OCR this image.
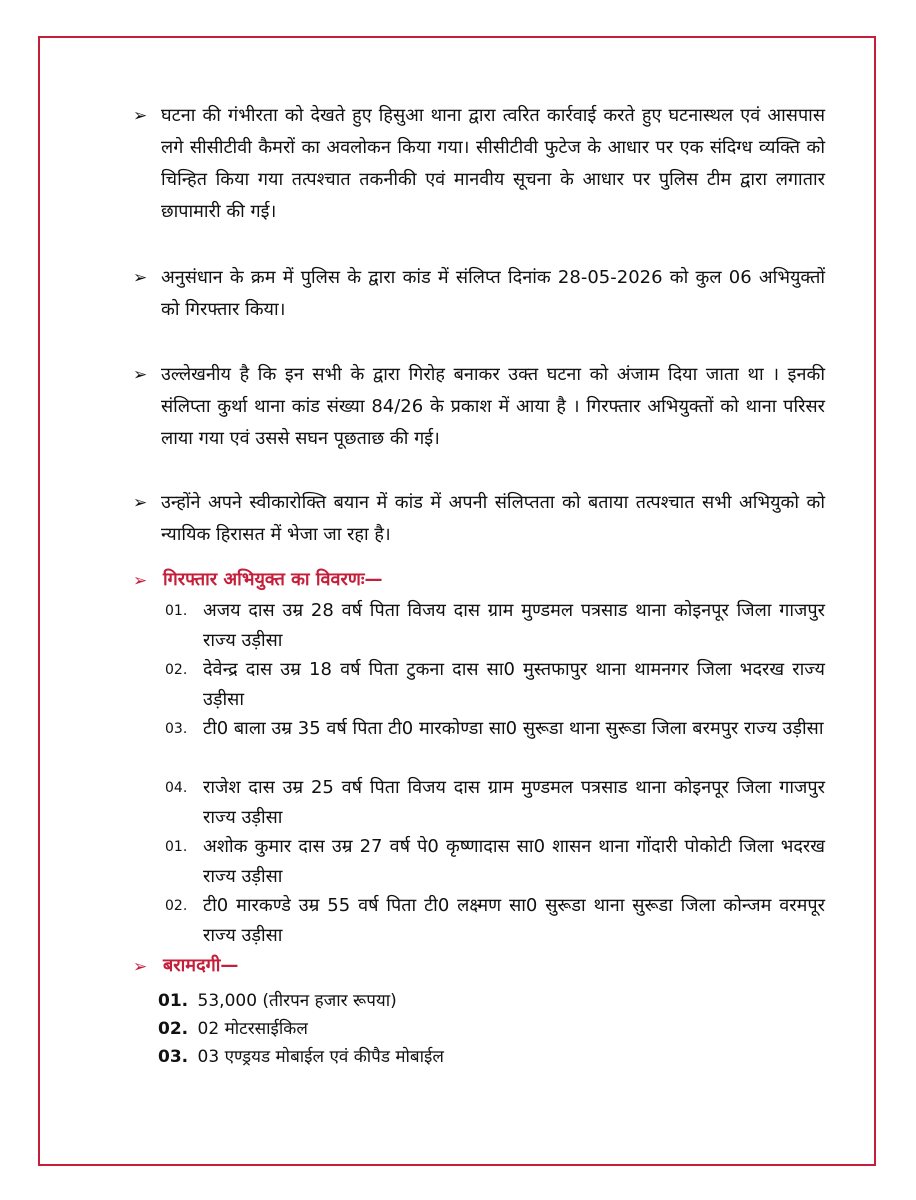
➢ घटना की गंभीरता को देखते हुए हिसुआ थाना द्वारा त्वरित कार्रवाई करते हुए घटनास्थल एवं आसपास लगे सीसीटीवी कैमरों का अवलोकन किया गया। सीसीटीवी फुटेज के आधार पर एक संदिग्ध व्यक्ति को चिन्हित किया गया तत्पश्चात तकनीकी एवं मानवीय सूचना के आधार पर पुलिस टीम द्वारा लगातार छापामारी की गई।
➢ अनुसंधान के क्रम में पुलिस के द्वारा कांड में संलिप्त दिनांक 28-05-2026 को कुल 06 अभियुक्तों को गिरफ्तार किया।
➢ उल्लेखनीय है कि इन सभी के द्वारा गिरोह बनाकर उक्त घटना को अंजाम दिया जाता था । इनकी संलिप्ता कुर्था थाना कांड संख्या 84/26 के प्रकाश में आया है । गिरफ्तार अभियुक्तों को थाना परिसर लाया गया एवं उससे सघन पूछताछ की गई।
➢ उन्होंने अपने स्वीकारोक्ति बयान में कांड में अपनी संलिप्तता को बताया तत्पश्चात सभी अभियुको को न्यायिक हिरासत में भेजा जा रहा है।
➢ गिरफ्तार अभियुक्त का विवरणः—
01. अजय दास उम्र 28 वर्ष पिता विजय दास ग्राम मुण्डमल पत्रसाड थाना कोइनपूर जिला गाजपुर राज्य उड़ीसा
02. देवेन्द्र दास उम्र 18 वर्ष पिता टुकना दास सा0 मुस्तफापुर थाना थामनगर जिला भदरख राज्य उड़ीसा
03. टी0 बाला उम्र 35 वर्ष पिता टी0 मारकोण्डा सा0 सुरूडा थाना सुरूडा जिला बरमपुर राज्य उड़ीसा
04. राजेश दास उम्र 25 वर्ष पिता विजय दास ग्राम मुण्डमल पत्रसाड थाना कोइनपूर जिला गाजपुर राज्य उड़ीसा
01. अशोक कुमार दास उम्र 27 वर्ष पे0 कृष्णादास सा0 शासन थाना गोंदारी पोकोटी जिला भदरख राज्य उड़ीसा
02. टी0 मारकण्डे उम्र 55 वर्ष पिता टी0 लक्ष्मण सा0 सुरूडा थाना सुरूडा जिला कोन्जम वरमपूर राज्य उड़ीसा
➢ बरामदगी—
01. 53,000 (तीरपन हजार रूपया)
02. 02 मोटरसाईकिल
03. 03 एण्ड्रयड मोबाईल एवं कीपैड मोबाईल
